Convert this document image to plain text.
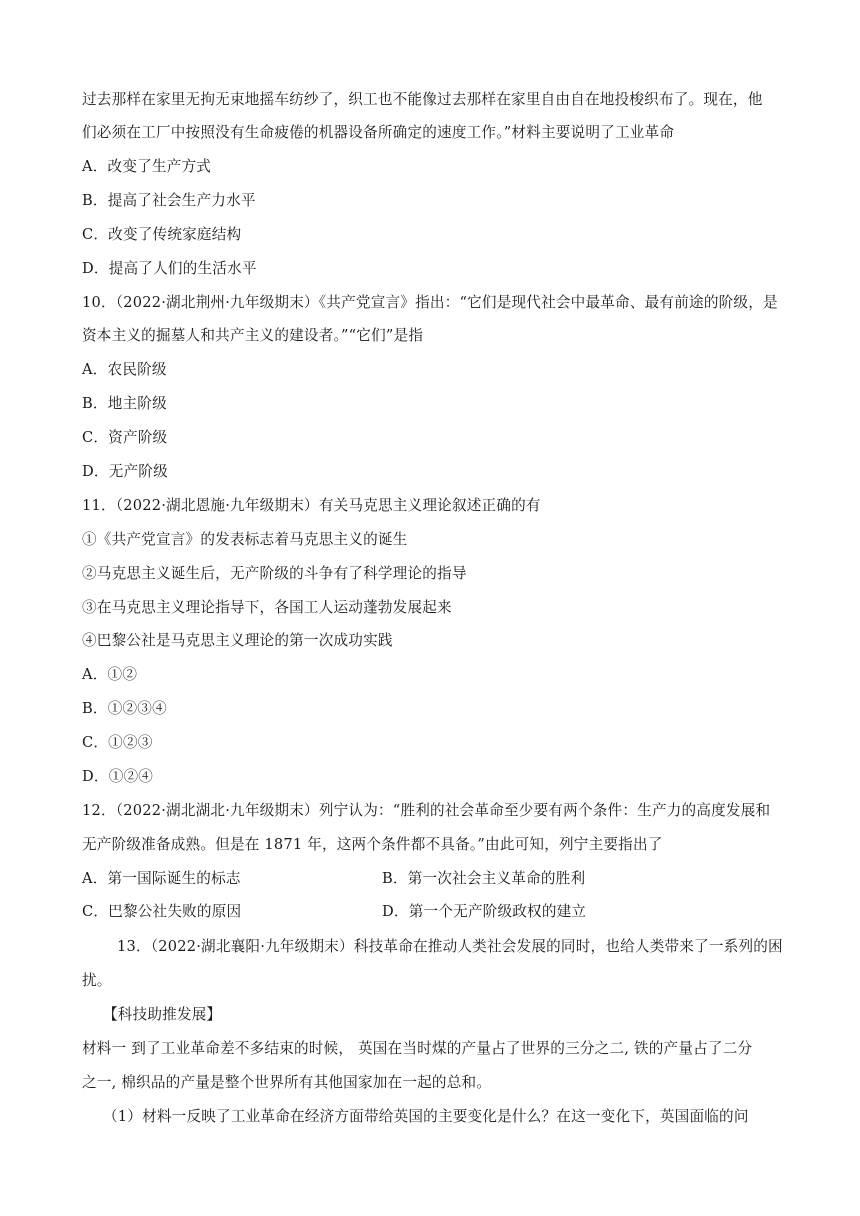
过去那样在家里无拘无束地摇车纺纱了，织工也不能像过去那样在家里自由自在地投梭织布了。现在，他
们必须在工厂中按照没有生命疲倦的机器设备所确定的速度工作。”材料主要说明了工业革命
A．改变了生产方式
B．提高了社会生产力水平
C．改变了传统家庭结构
D．提高了人们的生活水平
10．（2022·湖北荆州·九年级期末）《共产党宣言》指出：“它们是现代社会中最革命、最有前途的阶级，是
资本主义的掘墓人和共产主义的建设者。”“它们”是指
A．农民阶级
B．地主阶级
C．资产阶级
D．无产阶级
11．（2022·湖北恩施·九年级期末）有关马克思主义理论叙述正确的有
①《共产党宣言》的发表标志着马克思主义的诞生
②马克思主义诞生后，无产阶级的斗争有了科学理论的指导
③在马克思主义理论指导下，各国工人运动蓬勃发展起来
④巴黎公社是马克思主义理论的第一次成功实践
A．①②
B．①②③④
C．①②③
D．①②④
12．（2022·湖北湖北·九年级期末）列宁认为：“胜利的社会革命至少要有两个条件：生产力的高度发展和
无产阶级准备成熟。但是在 1871 年，这两个条件都不具备。”由此可知，列宁主要指出了
A．第一国际诞生的标志	B．第一次社会主义革命的胜利
C．巴黎公社失败的原因	D．第一个无产阶级政权的建立
13．（2022·湖北襄阳·九年级期末）科技革命在推动人类社会发展的同时，也给人类带来了一系列的困
扰。
【科技助推发展】
材料一 到了工业革命差不多结束的时候， 英国在当时煤的产量占了世界的三分之二, 铁的产量占了二分
之一, 棉织品的产量是整个世界所有其他国家加在一起的总和。
（1）材料一反映了工业革命在经济方面带给英国的主要变化是什么？在这一变化下，英国面临的问
